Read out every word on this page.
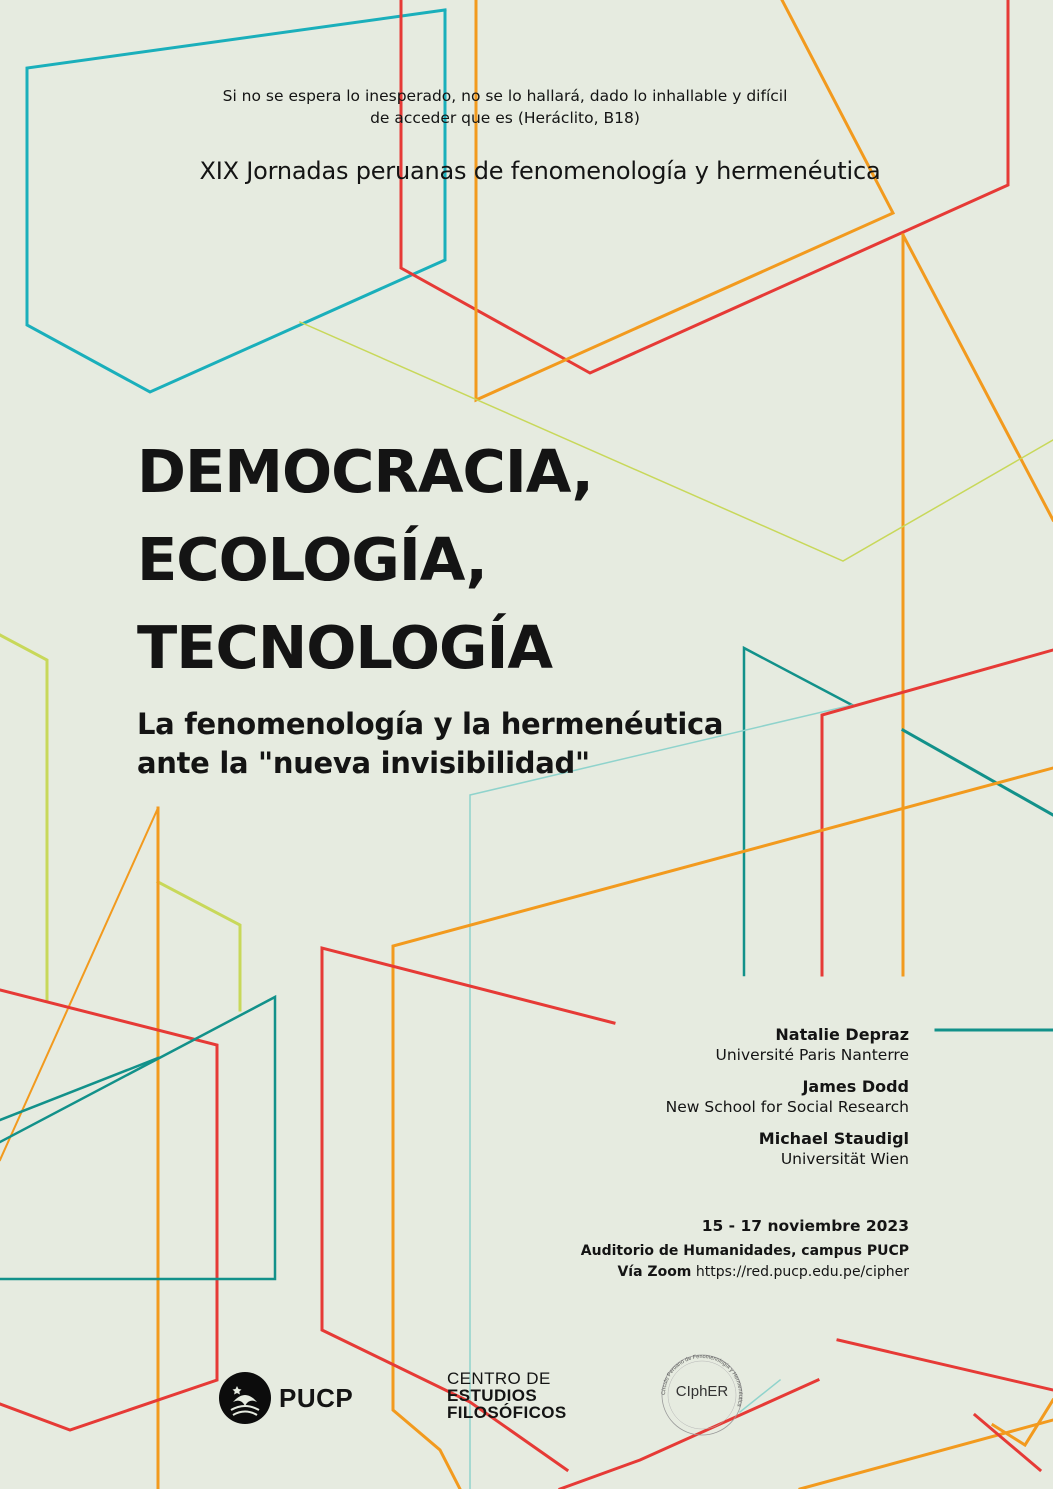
Si no se espera lo inesperado, no se lo hallará, dado lo inhallable y difícil
de acceder que es (Heráclito, B18)
XIX Jornadas peruanas de fenomenología y hermenéutica
DEMOCRACIA,
ECOLOGÍA,
TECNOLOGÍA
La fenomenología y la hermenéutica
ante la "nueva invisibilidad"
Natalie Depraz
Université Paris Nanterre
James Dodd
New School for Social Research
Michael Staudigl
Universität Wien
15 - 17 noviembre 2023
Auditorio de Humanidades, campus PUCP
Vía Zoom https://red.pucp.edu.pe/cipher
PUCP
CENTRO DE
ESTUDIOS
FILOSÓFICOS
Círculo Peruano de Fenomenología y Hermenéutica
CIphER
